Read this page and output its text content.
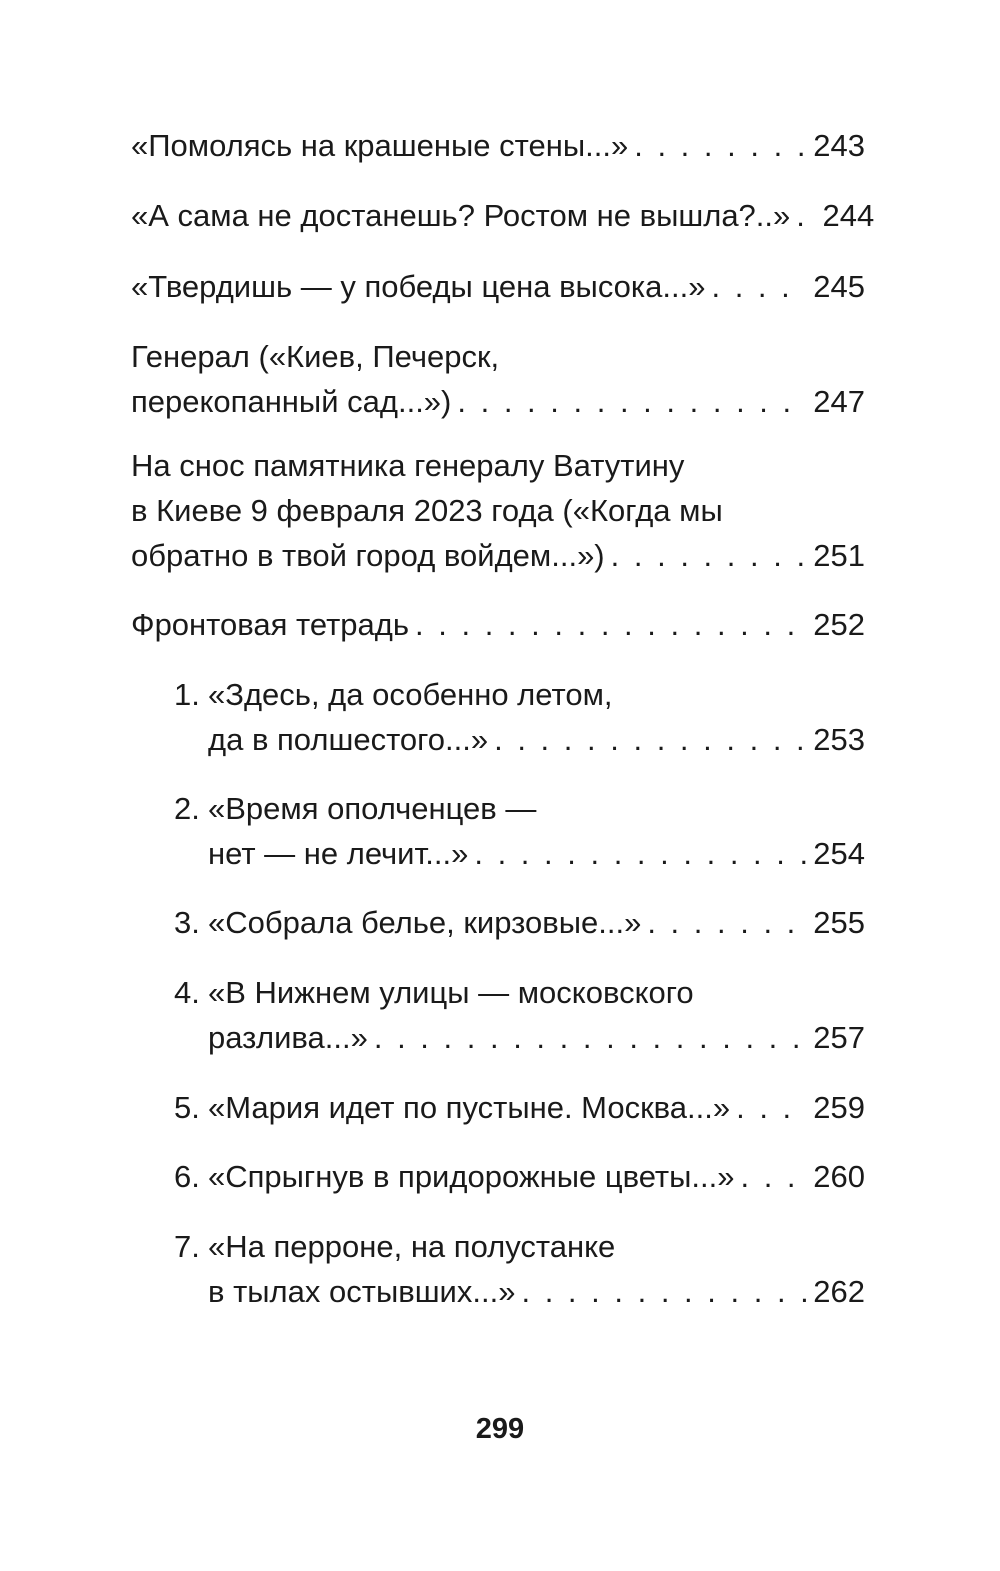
«Помолясь на крашеные стены...» . . .	243
«А сама не достанешь? Ростом не вышла?..» . . . 244
«Твердишь — у победы цена высока...» . . .	245
Генерал («Киев, Печерск,
перекопанный сад...») . . .	247
На снос памятника генералу Ватутину
в Киеве 9 февраля 2023 года («Когда мы
обратно в твой город войдем...») . . .	251
Фронтовая тетрадь . . .	252
1. «Здесь, да особенно летом,
да в полшестого...» . . .	253
2. «Время ополченцев —
нет — не лечит...» . . .	254
3. «Собрала белье, кирзовые...» . . .	255
4. «В Нижнем улицы — московского
разлива...» . . .	257
5. «Мария идет по пустыне. Москва...» . . .	259
6. «Спрыгнув в придорожные цветы...» . . .	260
7. «На перроне, на полустанке
в тылах остывших...» . . .	262
299
